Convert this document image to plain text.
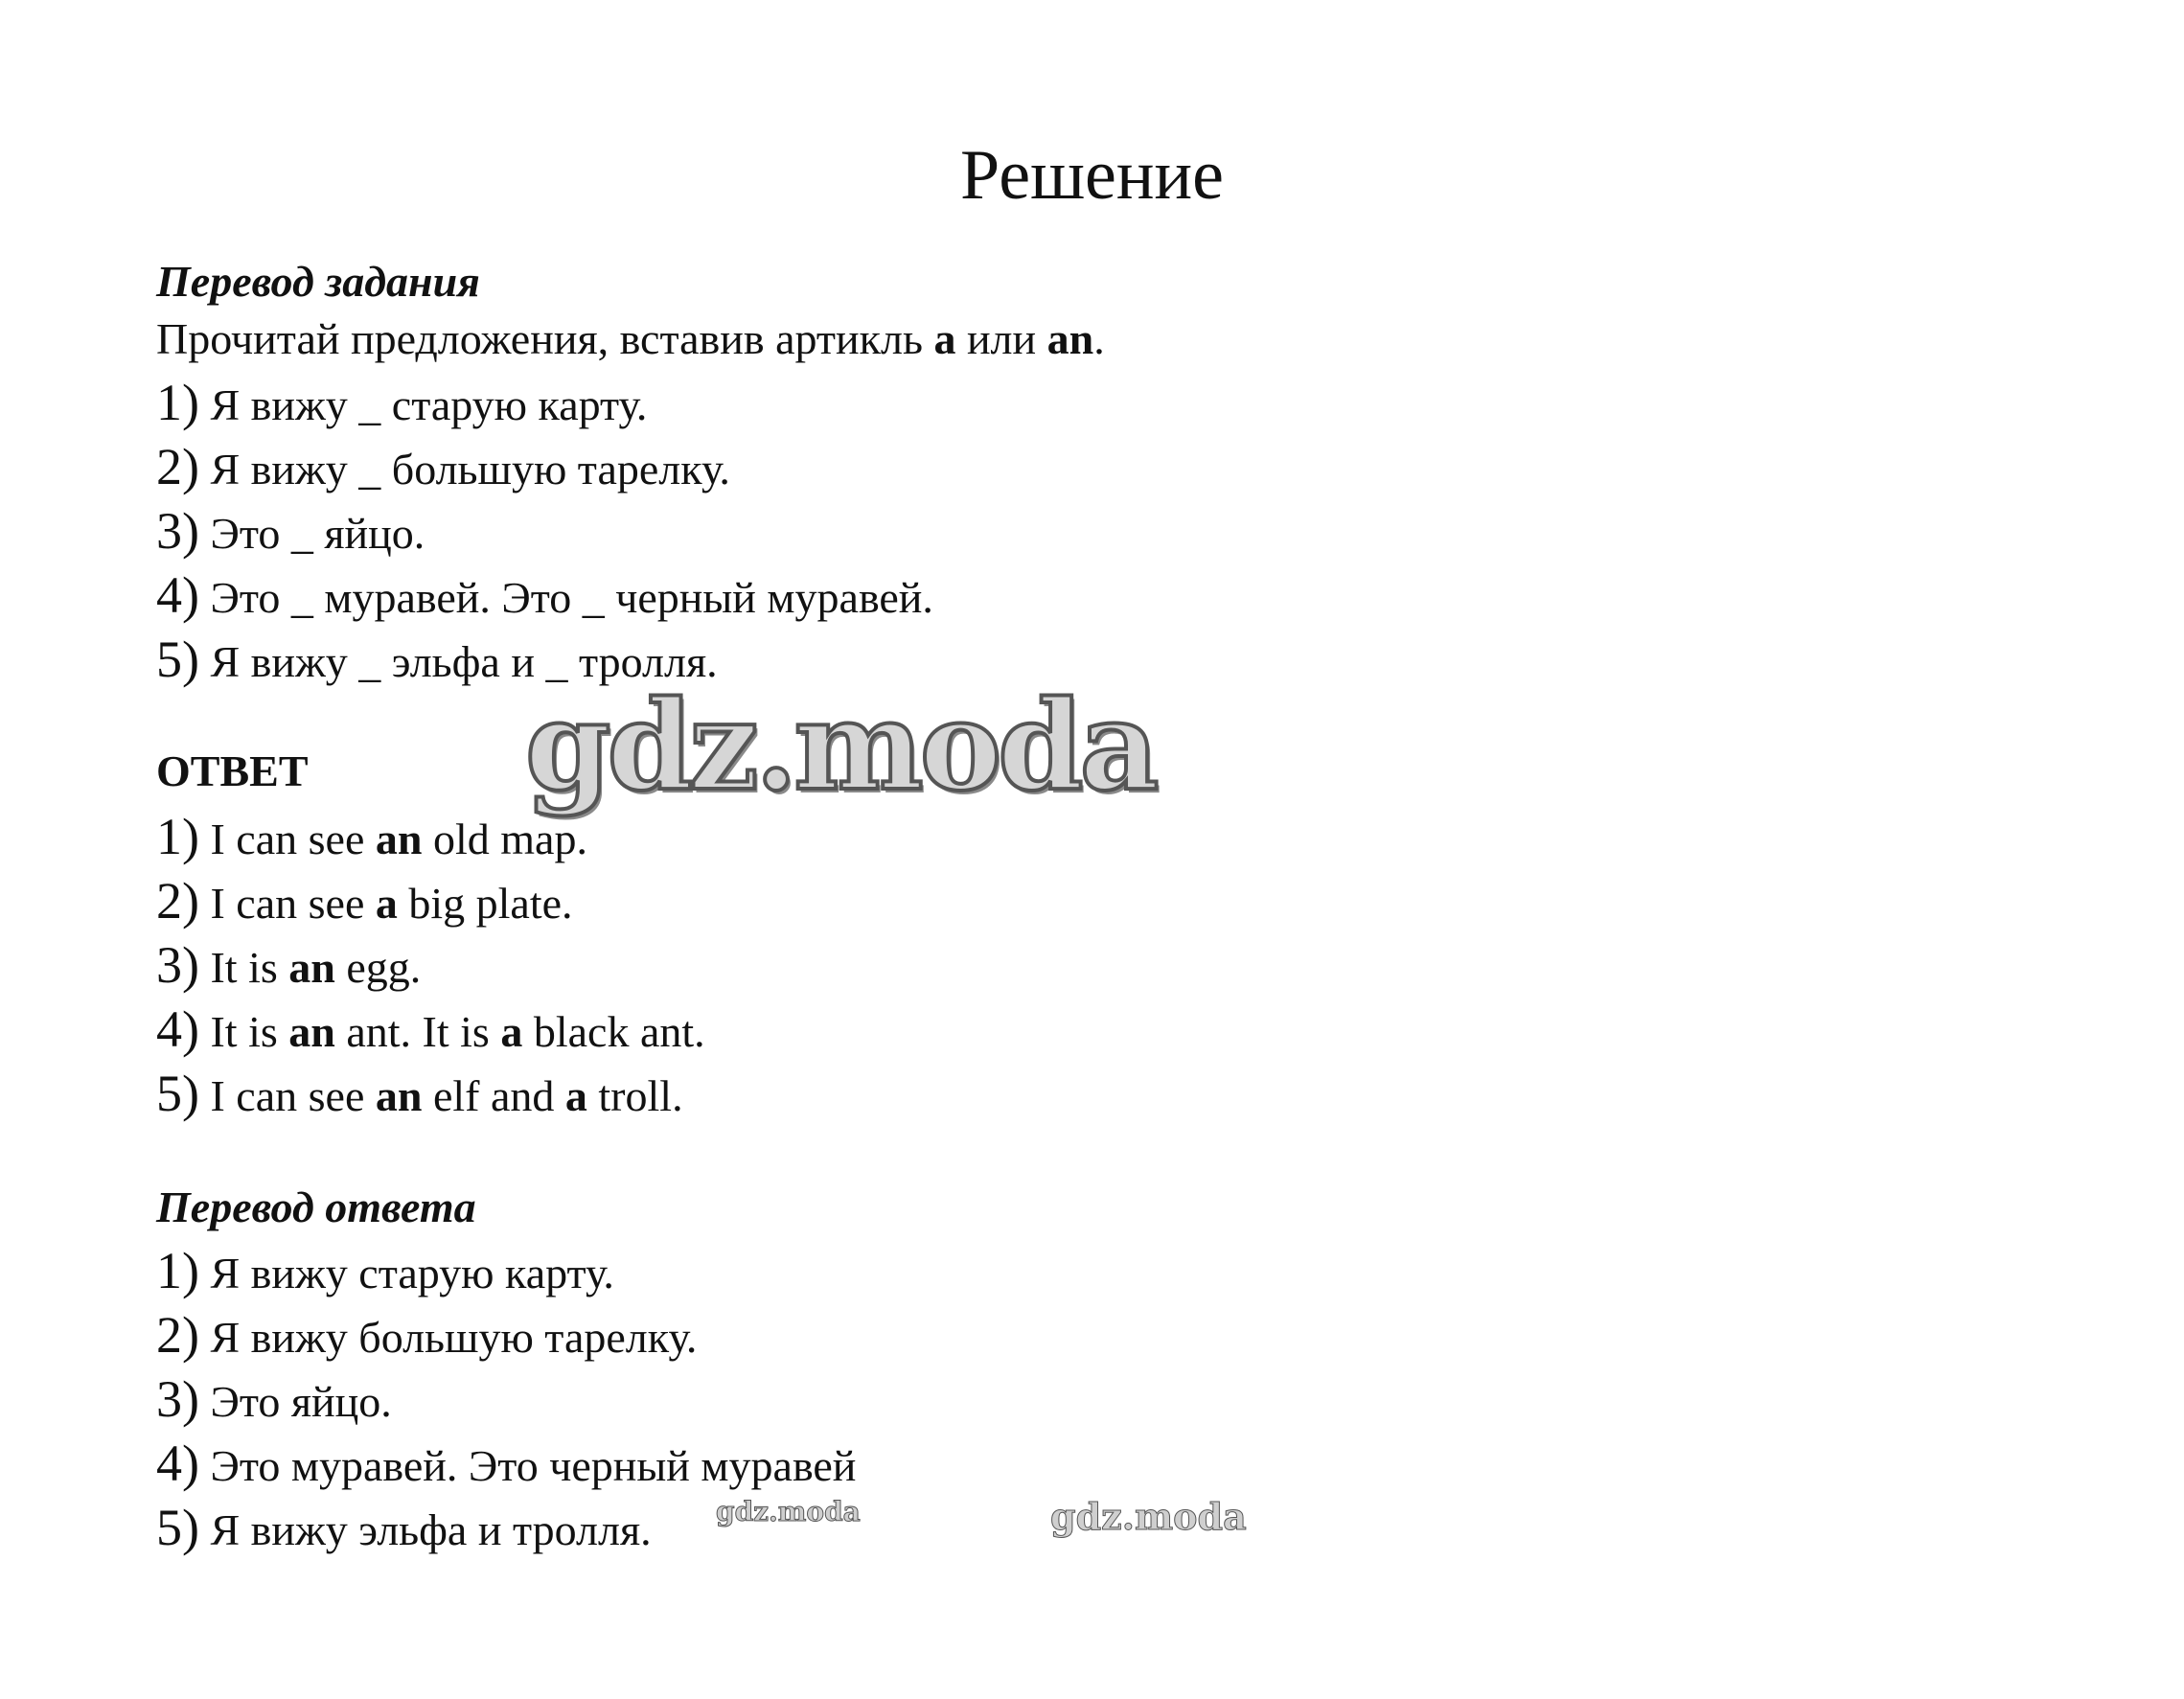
Решение
Перевод задания
Прочитай предложения, вставив артикль a или an.
1) Я вижу _ старую карту.
2) Я вижу _ большую тарелку.
3) Это _ яйцо.
4) Это _ муравей. Это _ черный муравей.
5) Я вижу _ эльфа и _ тролля.
ОТВЕТ
1) I can see an old map.
2) I can see a big plate.
3) It is an egg.
4) It is an ant. It is a black ant.
5) I can see an elf and a troll.
Перевод ответа
1) Я вижу старую карту.
2) Я вижу большую тарелку.
3) Это яйцо.
4) Это муравей. Это черный муравей
5) Я вижу эльфа и тролля.
gdz.moda
gdz.moda	gdz.moda
